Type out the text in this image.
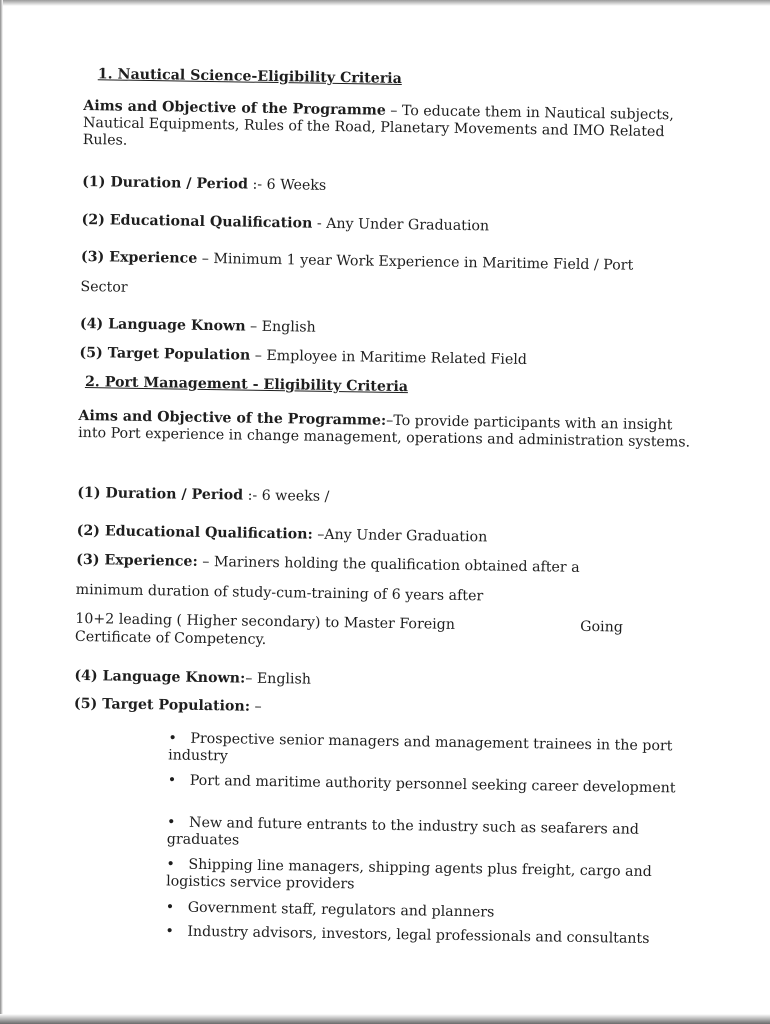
1. Nautical Science-Eligibility Criteria
Aims and Objective of the Programme – To educate them in Nautical subjects, Nautical Equipments, Rules of the Road, Planetary Movements and IMO Related Rules.
(1) Duration / Period :- 6 Weeks
(2) Educational Qualification - Any Under Graduation
(3) Experience – Minimum 1 year Work Experience in Maritime Field / Port
Sector
(4) Language Known – English
(5) Target Population – Employee in Maritime Related Field
2. Port Management - Eligibility Criteria
Aims and Objective of the Programme:–To provide participants with an insight into Port experience in change management, operations and administration systems.
(1) Duration / Period :- 6 weeks /
(2) Educational Qualification: –Any Under Graduation
(3) Experience: – Mariners holding the qualification obtained after a
minimum duration of study-cum-training of 6 years after
10+2 leading ( Higher secondary) to Master Foreign	Going
Certificate of Competency.
(4) Language Known:– English
(5) Target Population: –
• Prospective senior managers and management trainees in the port industry
• Port and maritime authority personnel seeking career development
• New and future entrants to the industry such as seafarers and graduates
• Shipping line managers, shipping agents plus freight, cargo and logistics service providers
• Government staff, regulators and planners
• Industry advisors, investors, legal professionals and consultants
